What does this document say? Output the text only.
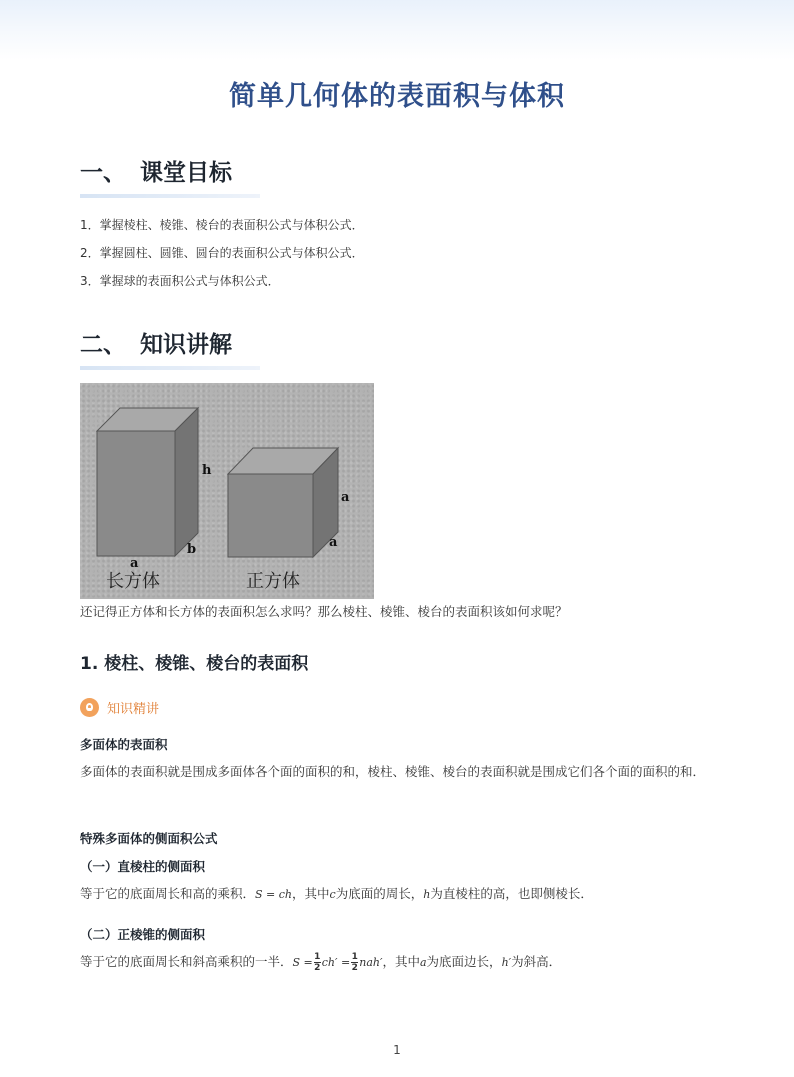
简单几何体的表面积与体积
一、 课堂目标
1．掌握棱柱、棱锥、棱台的表面积公式与体积公式．
2．掌握圆柱、圆锥、圆台的表面积公式与体积公式．
3．掌握球的表面积公式与体积公式．
二、 知识讲解
h
b
a
a
a
长方体	正方体
还记得正方体和长方体的表面积怎么求吗？那么棱柱、棱锥、棱台的表面积该如何求呢？
1. 棱柱、棱锥、棱台的表面积
知识精讲
多面体的表面积
多面体的表面积就是围成多面体各个面的面积的和，棱柱、棱锥、棱台的表面积就是围成它们各个面的面积的和．
特殊多面体的侧面积公式
（一）直棱柱的侧面积
等于它的底面周长和高的乘积．S = ch，其中c为底面的周长，h为直棱柱的高，也即侧棱长．
（二）正棱锥的侧面积
等于它的底面周长和斜高乘积的一半．$S = \frac{1}{2} ch' = \frac{1}{2} nah'$，其中a为底面边长，h′为斜高．
1
